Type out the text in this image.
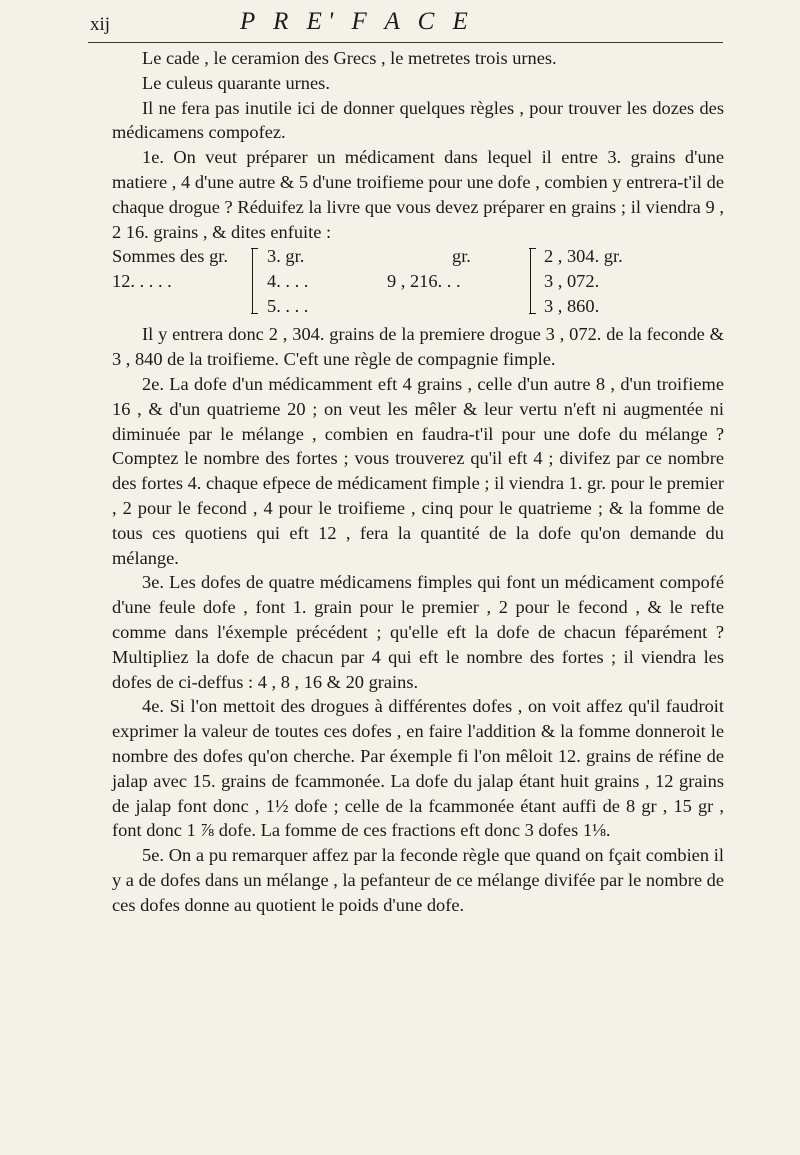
xij	P R E' F A C E

Le cade , le ceramion des Grecs , le metretes trois urnes.

Le culeus quarante urnes.

Il ne fera pas inutile ici de donner quelques règles , pour trouver les dozes des médicamens compofez.

1e. On veut préparer un médicament dans lequel il entre 3. grains d'une matiere , 4 d'une autre & 5 d'une troifieme pour une dofe , combien y entrera-t'il de chaque drogue ? Réduifez la livre que vous devez préparer en grains ; il viendra 9 , 2 16. grains , & dites enfuite :

Sommes des gr.
12. . . . .
3. gr.
4. . . .
5. . . .
gr.
9 , 216. . .
2 , 304. gr.
3 , 072.
3 , 860.

Il y entrera donc 2 , 304. grains de la premiere drogue 3 , 072. de la feconde & 3 , 840 de la troifieme. C'eft une règle de compagnie fimple.

2e. La dofe d'un médicamment eft 4 grains , celle d'un autre 8 , d'un troifieme 16 , & d'un quatrieme 20 ; on veut les mêler & leur vertu n'eft ni augmentée ni diminuée par le mélange , combien en faudra-t'il pour une dofe du mélange ? Comptez le nombre des fortes ; vous trouverez qu'il eft 4 ; divifez par ce nombre des fortes 4. chaque efpece de médicament fimple ; il viendra 1. gr. pour le premier , 2 pour le fecond , 4 pour le troifieme , cinq pour le quatrieme ; & la fomme de tous ces quotiens qui eft 12 , fera la quantité de la dofe qu'on demande du mélange.

3e. Les dofes de quatre médicamens fimples qui font un médicament compofé d'une feule dofe , font 1. grain pour le premier , 2 pour le fecond , & le refte comme dans l'éxemple précédent ; qu'elle eft la dofe de chacun féparément ? Multipliez la dofe de chacun par 4 qui eft le nombre des fortes ; il viendra les dofes de ci-deffus : 4 , 8 , 16 & 20 grains.

4e. Si l'on mettoit des drogues à différentes dofes , on voit affez qu'il faudroit exprimer la valeur de toutes ces dofes , en faire l'addition & la fomme donneroit le nombre des dofes qu'on cherche. Par éxemple fi l'on mêloit 12. grains de réfine de jalap avec 15. grains de fcammonée. La dofe du jalap étant huit grains , 12 grains de jalap font donc , 1½ dofe ; celle de la fcammonée étant auffi de 8 gr , 15 gr , font donc 1 ⅞ dofe. La fomme de ces fractions eft donc 3 dofes 1⅛.

5e. On a pu remarquer affez par la feconde règle que quand on fçait combien il y a de dofes dans un mélange , la pefanteur de ce mélange divifée par le nombre de ces dofes donne au quotient le poids d'une dofe.
